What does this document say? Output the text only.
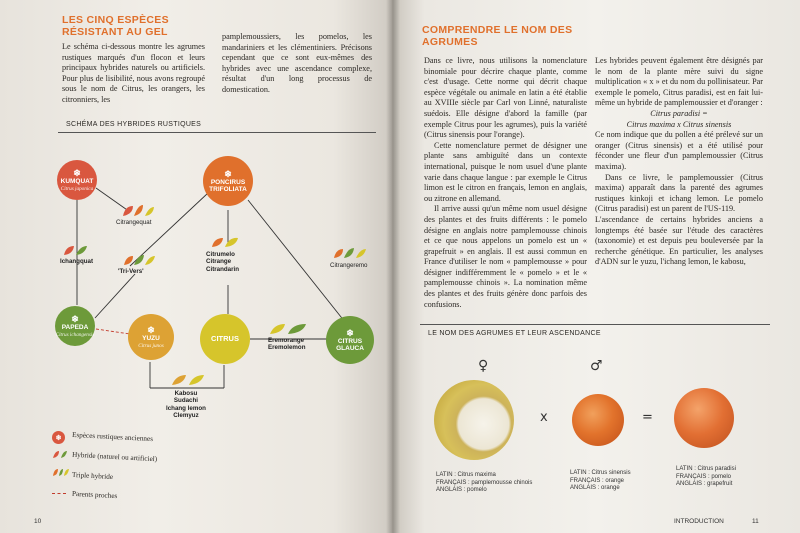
LES CINQ ESPÈCES RÉSISTANT AU GEL
Le schéma ci-dessous montre les agrumes rustiques marqués d'un flocon et leurs principaux hybrides naturels ou artificiels. Pour plus de lisibilité, nous avons regroupé sous le nom de Citrus, les orangers, les citronniers, les
pamplemoussiers, les pomelos, les mandariniers et les clémentiniers. Précisons cependant que ce sont eux-mêmes des hybrides avec une ascendance complexe, résultat d'un long processus de domestication.
SCHÉMA DES HYBRIDES RUSTIQUES
❄
KUMQUAT
Citrus japonica
❄
PONCIRUS TRIFOLIATA
❄
PAPEDA
Citrus ichangensis	❄
YUZU
Citrus junos
CITRUS
❄
CITRUS GLAUCA
Citrangequat
Ichangquat
'Tri-Vers'
Citrangeremo
Citrumelo
Citrange
Citrandarin
Eremorange
Eremolemon
Kabosu
Sudachi
Ichang lemon
Clemyuz
❄ Espèces rustiques anciennes
Hybride (naturel ou artificiel)
Triple hybride
Parents proches
10
COMPRENDRE LE NOM DES AGRUMES
Dans ce livre, nous utilisons la nomenclature binomiale pour décrire chaque plante, comme c'est d'usage. Cette norme qui décrit chaque espèce végétale ou animale en latin a été établie au XVIIIe siècle par Carl von Linné, naturaliste suédois. Elle désigne d'abord la famille (par exemple Citrus pour les agrumes), puis la variété (Citrus sinensis pour l'orange).
Cette nomenclature permet de désigner une plante sans ambiguïté dans un contexte international, puisque le nom usuel d'une plante varie dans chaque langue : par exemple le Citrus limon est le citron en français, lemon en anglais, ou zitrone en allemand.
Il arrive aussi qu'un même nom usuel désigne des plantes et des fruits différents : le pomelo désigne en anglais notre pamplemousse chinois et ce que nous appelons un pomelo est un « grapefruit » en anglais. Il est aussi commun en France d'utiliser le nom « pamplemousse » pour désigner indifféremment le « pomelo » et le « pamplemousse chinois ». La nomination même des plantes et des fruits génère donc parfois des confusions.
Les hybrides peuvent également être désignés par le nom de la plante mère suivi du signe multiplication « x » et du nom du pollinisateur. Par exemple le pomelo, Citrus paradisi, est en fait lui-même un hybride de pamplemoussier et d'oranger :
Citrus paradisi =
Citrus maxima x Citrus sinensis
Ce nom indique que du pollen a été prélevé sur un oranger (Citrus sinensis) et a été utilisé pour féconder une fleur d'un pamplemoussier (Citrus maxima).
Dans ce livre, le pamplemoussier (Citrus maxima) apparaît dans la parenté des agrumes rustiques kinkoji et ichang lemon. Le pomelo (Citrus paradisi) est un parent de l'US-119.
L'ascendance de certains hybrides anciens a longtemps été basée sur l'étude des caractères (taxonomie) et est depuis peu bouleversée par la recherche génétique. En particulier, les analyses d'ADN sur le yuzu, l'ichang lemon, le kabosu,
LE NOM DES AGRUMES ET LEUR ASCENDANCE
♀	♂
x	=
LATIN : Citrus maxima
FRANÇAIS : pamplemousse chinois
ANGLAIS : pomelo
LATIN : Citrus sinensis
FRANÇAIS : orange
ANGLAIS : orange
LATIN : Citrus paradisi
FRANÇAIS : pomelo
ANGLAIS : grapefruit
INTRODUCTION	11
